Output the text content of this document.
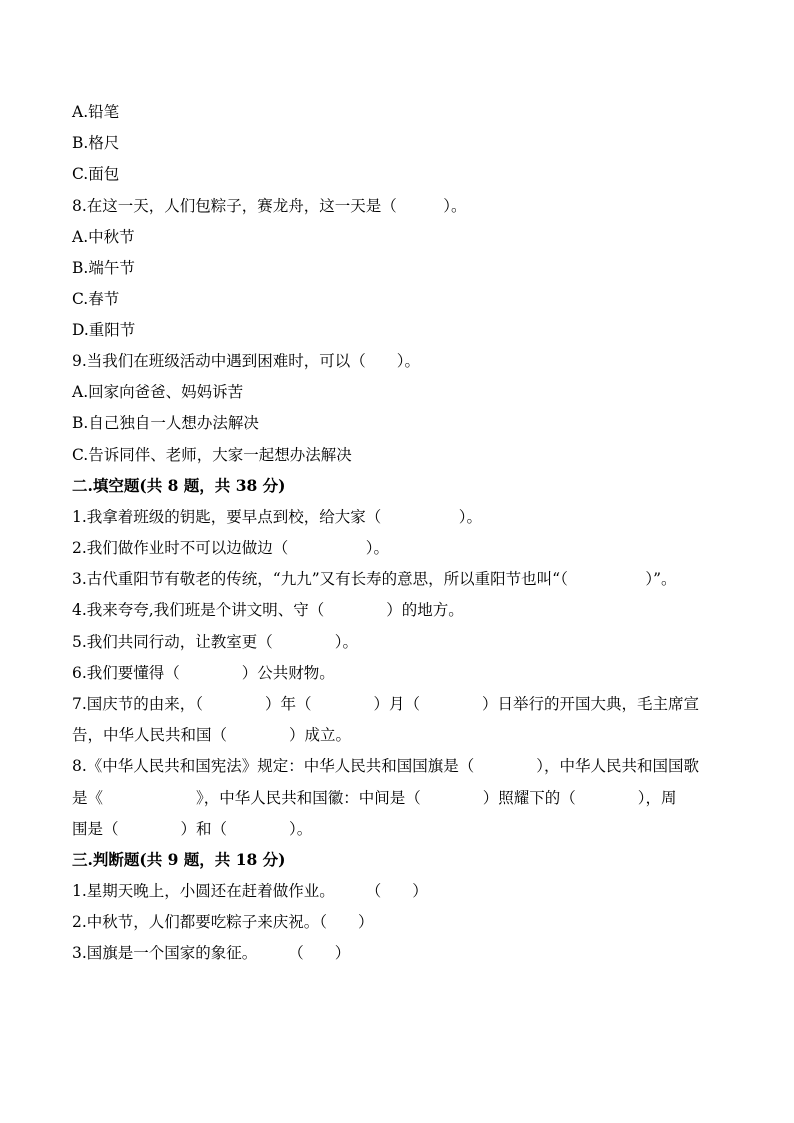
A.铅笔
B.格尺
C.面包
8.在这一天，人们包粽子，赛龙舟，这一天是（　　　）。
A.中秋节
B.端午节
C.春节
D.重阳节
9.当我们在班级活动中遇到困难时，可以（　　）。
A.回家向爸爸、妈妈诉苦
B.自己独自一人想办法解决
C.告诉同伴、老师，大家一起想办法解决
二.填空题(共 8 题，共 38 分)
1.我拿着班级的钥匙，要早点到校，给大家（　　　　　）。
2.我们做作业时不可以边做边（　　　　　）。
3.古代重阳节有敬老的传统，“九九”又有长寿的意思，所以重阳节也叫“（　　　　　）”。
4.我来夸夸,我们班是个讲文明、守（　　　　）的地方。
5.我们共同行动，让教室更（　　　　）。
6.我们要懂得（　　　　）公共财物。
7.国庆节的由来，（　　　　）年（　　　　）月（　　　　）日举行的开国大典，毛主席宣
告，中华人民共和国（　　　　）成立。
8.《中华人民共和国宪法》规定：中华人民共和国国旗是（　　　　），中华人民共和国国歌
是《　　　　　　》，中华人民共和国徽：中间是（　　　　）照耀下的（　　　　），周
围是（　　　　）和（　　　　）。
三.判断题(共 9 题，共 18 分)
1.星期天晚上，小圆还在赶着做作业。　　　（　　）
2.中秋节，人们都要吃粽子来庆祝。（　　）
3.国旗是一个国家的象征。　　　（　　）
